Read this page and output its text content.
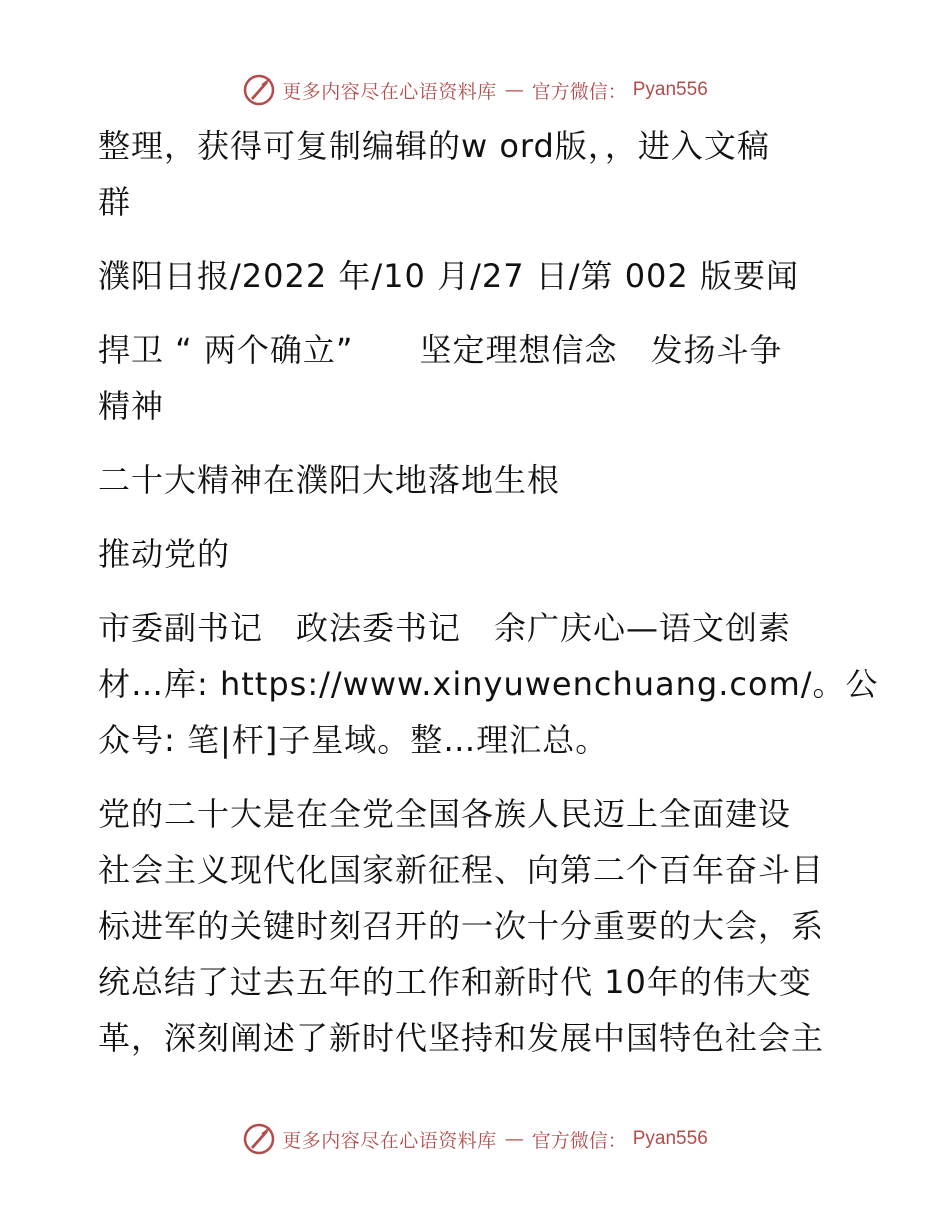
更多内容尽在心语资料库 — 官方微信： Pyan556
整理，获得可复制编辑的w ord版，，进入文稿
群
濮阳日报/2022 年/10 月/27 日/第 002 版要闻
捍卫 “ 两个确立”　　坚定理想信念　发扬斗争
精神
二十大精神在濮阳大地落地生根
推动党的
市委副书记　政法委书记　余广庆心—语文创素
材…库: https://www.xinyuwenchuang.com/。公
众号: 笔|杆]子星域。整…理汇总。
党的二十大是在全党全国各族人民迈上全面建设
社会主义现代化国家新征程、向第二个百年奋斗目
标进军的关键时刻召开的一次十分重要的大会，系
统总结了过去五年的工作和新时代 10年的伟大变
革，深刻阐述了新时代坚持和发展中国特色社会主
更多内容尽在心语资料库 — 官方微信： Pyan556
